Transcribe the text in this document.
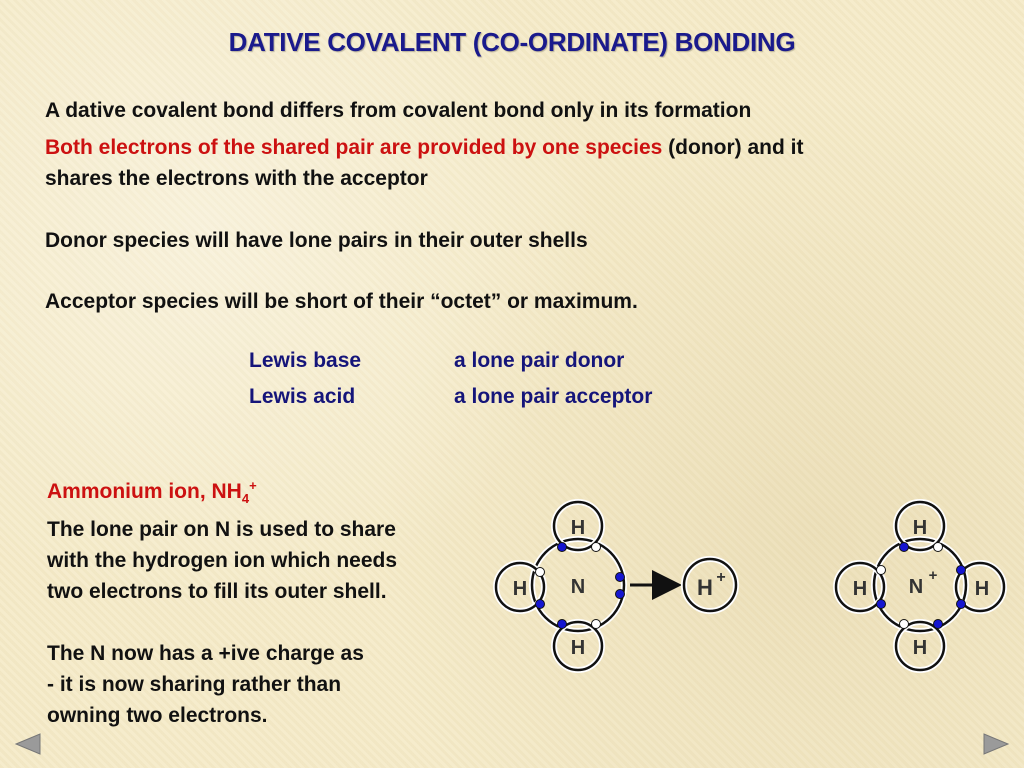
DATIVE COVALENT (CO-ORDINATE) BONDING
A dative covalent bond differs from covalent bond only in its formation
Both electrons of the shared pair are provided by one species (donor) and it
shares the electrons with the acceptor
Donor species will have lone pairs in their outer shells
Acceptor species will be short of their “octet” or maximum.
Lewis base	a lone pair donor
Lewis acid	a lone pair acceptor
Ammonium ion, $NH_4^+$
The lone pair on N is used to share
with the hydrogen ion which needs
two electrons to fill its outer shell.
The N now has a +ive charge as
- it is now sharing rather than
owning two electrons.
H
H
H
N	H +
H
H
H
H
N
+
